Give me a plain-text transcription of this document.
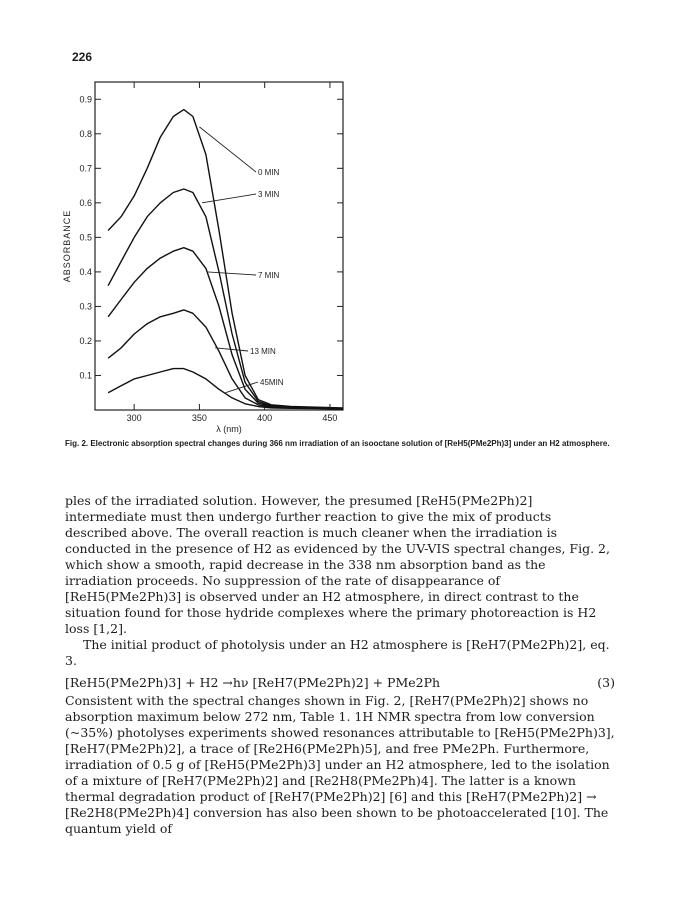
226
0.9
0.8
0.7
0.6
0.5
0.4
0.3
0.2
0.1
300	350	400	450
λ (nm)
ABSORBANCE
0 MIN
3 MIN
7 MIN
13 MIN
45MIN
Fig. 2. Electronic absorption spectral changes during 366 nm irradiation of an isooctane solution of [ReH5(PMe2Ph)3] under an H2 atmosphere.

ples of the irradiated solution. However, the presumed [ReH5(PMe2Ph)2] intermediate must then undergo further reaction to give the mix of products described above. The overall reaction is much cleaner when the irradiation is conducted in the presence of H2 as evidenced by the UV-VIS spectral changes, Fig. 2, which show a smooth, rapid decrease in the 338 nm absorption band as the irradiation proceeds. No suppression of the rate of disappearance of [ReH5(PMe2Ph)3] is observed under an H2 atmosphere, in direct contrast to the situation found for those hydride complexes where the primary photoreaction is H2 loss [1,2].

The initial product of photolysis under an H2 atmosphere is [ReH7(PMe2Ph)2], eq. 3.

[ReH5(PMe2Ph)3] + H2 →hν [ReH7(PMe2Ph)2] + PMe2Ph	(3)

Consistent with the spectral changes shown in Fig. 2, [ReH7(PMe2Ph)2] shows no absorption maximum below 272 nm, Table 1. 1H NMR spectra from low conversion (~35%) photolyses experiments showed resonances attributable to [ReH5(PMe2Ph)3], [ReH7(PMe2Ph)2], a trace of [Re2H6(PMe2Ph)5], and free PMe2Ph. Furthermore, irradiation of 0.5 g of [ReH5(PMe2Ph)3] under an H2 atmosphere, led to the isolation of a mixture of [ReH7(PMe2Ph)2] and [Re2H8(PMe2Ph)4]. The latter is a known thermal degradation product of [ReH7(PMe2Ph)2] [6] and this [ReH7(PMe2Ph)2] → [Re2H8(PMe2Ph)4] conversion has also been shown to be photoaccelerated [10]. The quantum yield of
